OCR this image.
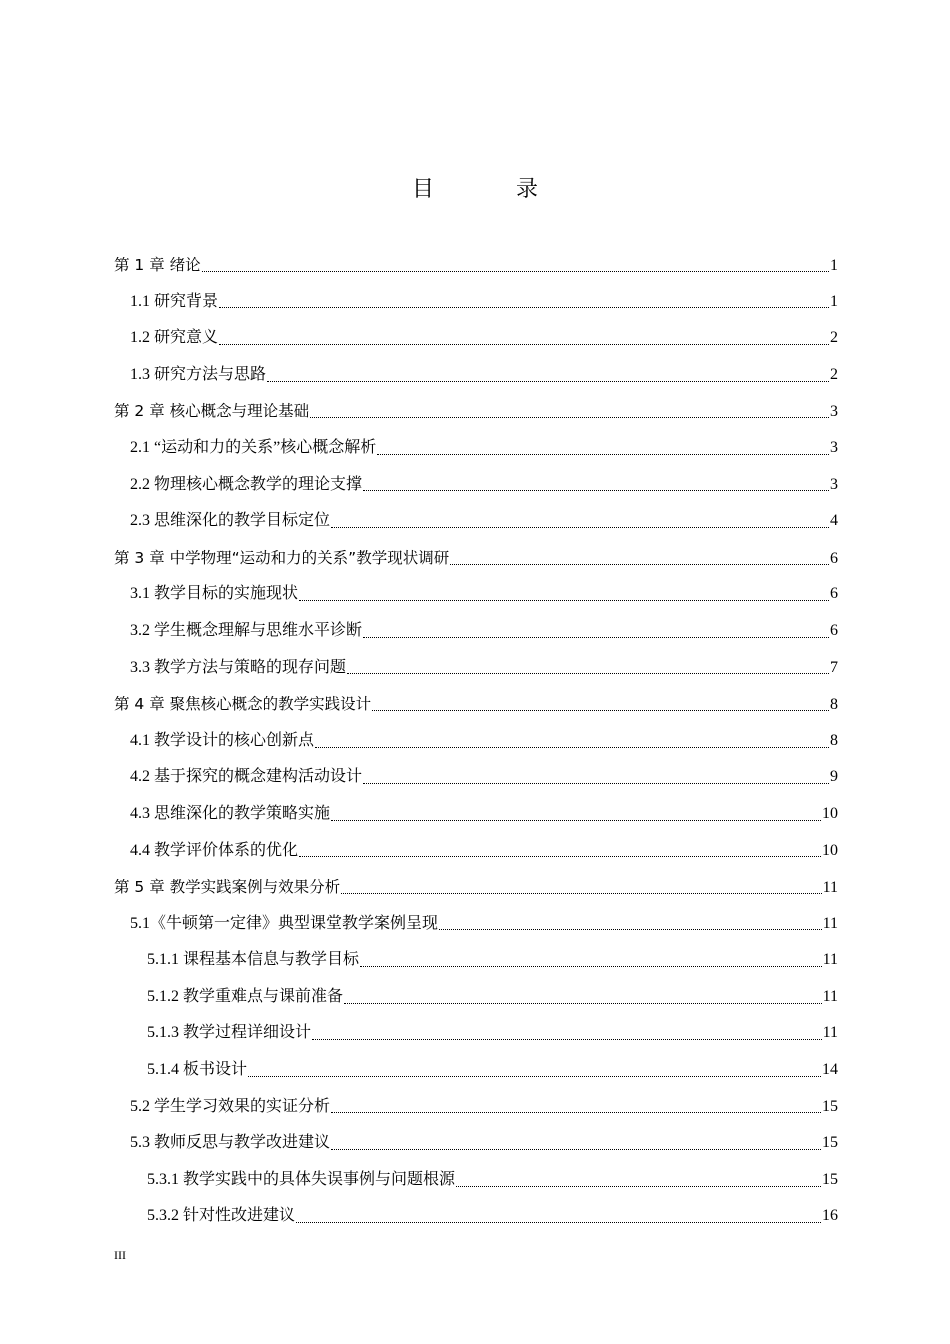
目　录
第 1 章 绪论	1
1.1 研究背景	1
1.2 研究意义	2
1.3 研究方法与思路	2
第 2 章 核心概念与理论基础	3
2.1 “运动和力的关系”核心概念解析	3
2.2 物理核心概念教学的理论支撑	3
2.3 思维深化的教学目标定位	4
第 3 章 中学物理“运动和力的关系”教学现状调研	6
3.1 教学目标的实施现状	6
3.2 学生概念理解与思维水平诊断	6
3.3 教学方法与策略的现存问题	7
第 4 章 聚焦核心概念的教学实践设计	8
4.1 教学设计的核心创新点	8
4.2 基于探究的概念建构活动设计	9
4.3 思维深化的教学策略实施	10
4.4 教学评价体系的优化	10
第 5 章 教学实践案例与效果分析	11
5.1《牛顿第一定律》典型课堂教学案例呈现	11
5.1.1 课程基本信息与教学目标	11
5.1.2 教学重难点与课前准备	11
5.1.3 教学过程详细设计	11
5.1.4 板书设计	14
5.2 学生学习效果的实证分析	15
5.3 教师反思与教学改进建议	15
5.3.1 教学实践中的具体失误事例与问题根源	15
5.3.2 针对性改进建议	16
III
